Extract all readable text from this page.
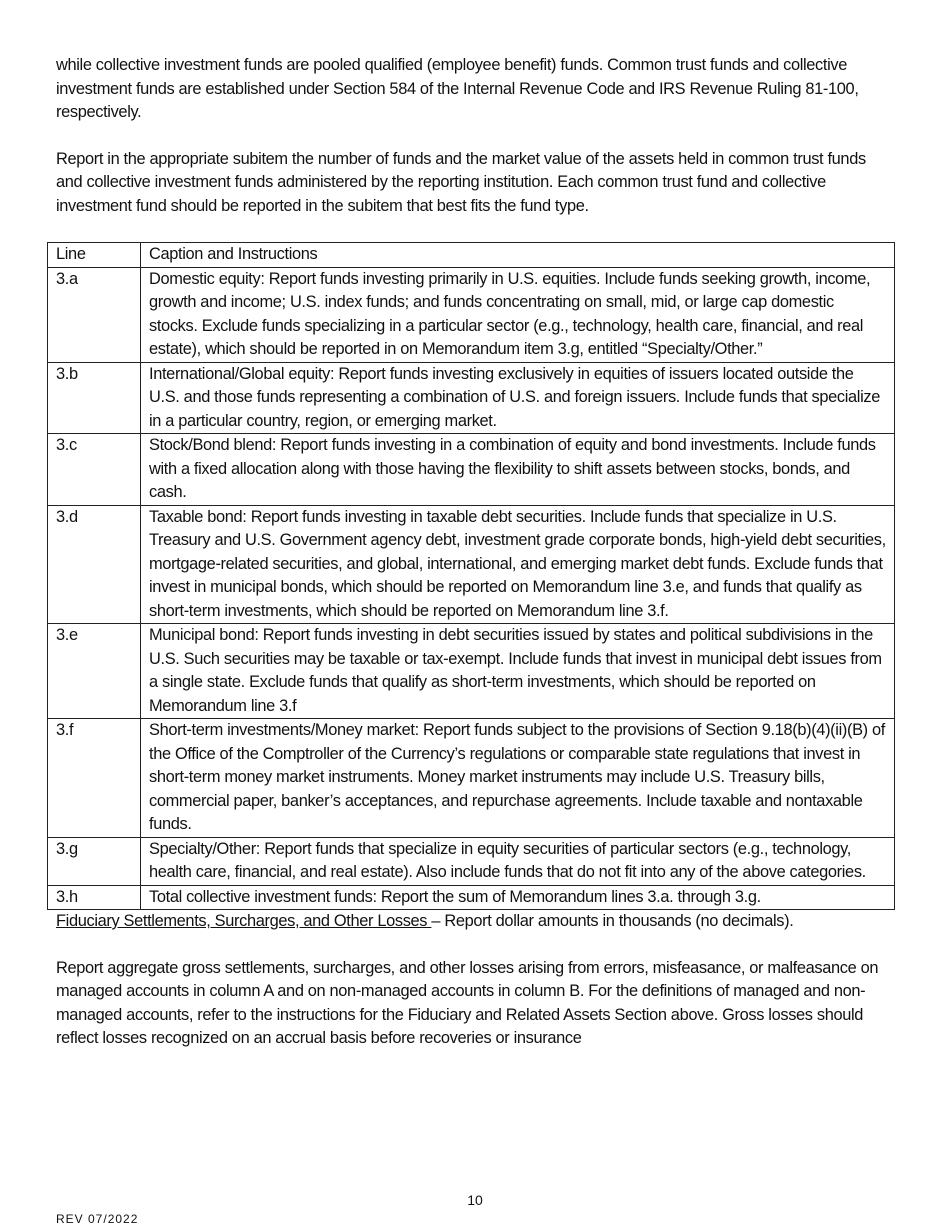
while collective investment funds are pooled qualified (employee benefit) funds. Common trust funds and collective investment funds are established under Section 584 of the Internal Revenue Code and IRS Revenue Ruling 81-100, respectively.

Report in the appropriate subitem the number of funds and the market value of the assets held in common trust funds and collective investment funds administered by the reporting institution. Each common trust fund and collective investment fund should be reported in the subitem that best fits the fund type.

Line	Caption and Instructions
3.a	Domestic equity: Report funds investing primarily in U.S. equities. Include funds seeking growth, income, growth and income; U.S. index funds; and funds concentrating on small, mid, or large cap domestic stocks. Exclude funds specializing in a particular sector (e.g., technology, health care, financial, and real estate), which should be reported in on Memorandum item 3.g, entitled “Specialty/Other.”
3.b	International/Global equity: Report funds investing exclusively in equities of issuers located outside the U.S. and those funds representing a combination of U.S. and foreign issuers. Include funds that specialize in a particular country, region, or emerging market.
3.c	Stock/Bond blend: Report funds investing in a combination of equity and bond investments. Include funds with a fixed allocation along with those having the flexibility to shift assets between stocks, bonds, and cash.
3.d	Taxable bond: Report funds investing in taxable debt securities. Include funds that specialize in U.S. Treasury and U.S. Government agency debt, investment grade corporate bonds, high-yield debt securities, mortgage-related securities, and global, international, and emerging market debt funds. Exclude funds that invest in municipal bonds, which should be reported on Memorandum line 3.e, and funds that qualify as short-term investments, which should be reported on Memorandum line 3.f.
3.e	Municipal bond: Report funds investing in debt securities issued by states and political subdivisions in the U.S. Such securities may be taxable or tax-exempt. Include funds that invest in municipal debt issues from a single state. Exclude funds that qualify as short-term investments, which should be reported on Memorandum line 3.f
3.f	Short-term investments/Money market: Report funds subject to the provisions of Section 9.18(b)(4)(ii)(B) of the Office of the Comptroller of the Currency’s regulations or comparable state regulations that invest in short-term money market instruments. Money market instruments may include U.S. Treasury bills, commercial paper, banker’s acceptances, and repurchase agreements. Include taxable and nontaxable funds.
3.g	Specialty/Other: Report funds that specialize in equity securities of particular sectors (e.g., technology, health care, financial, and real estate). Also include funds that do not fit into any of the above categories.
3.h	Total collective investment funds: Report the sum of Memorandum lines 3.a. through 3.g.

Fiduciary Settlements, Surcharges, and Other Losses – Report dollar amounts in thousands (no decimals).

Report aggregate gross settlements, surcharges, and other losses arising from errors, misfeasance, or malfeasance on managed accounts in column A and on non-managed accounts in column B. For the definitions of managed and non-managed accounts, refer to the instructions for the Fiduciary and Related Assets Section above. Gross losses should reflect losses recognized on an accrual basis before recoveries or insurance

10
REV 07/2022
